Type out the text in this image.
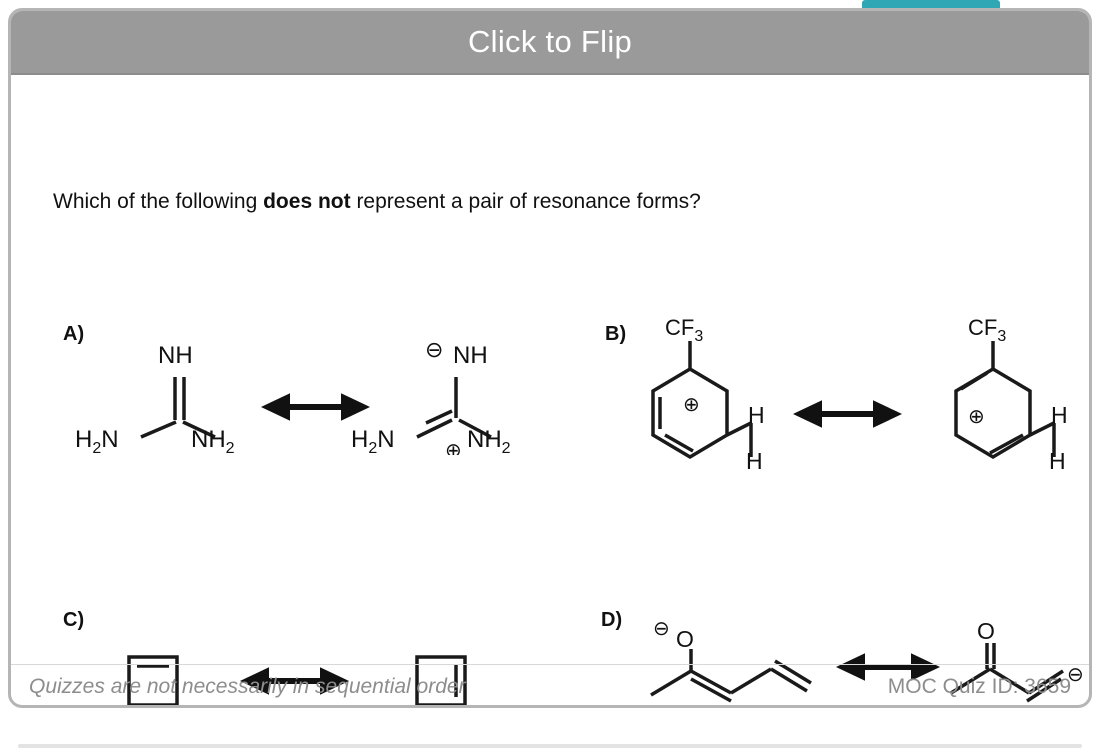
Click to Flip
Which of the following does not represent a pair of resonance forms?
A)	B)
C)	D)
NH
$H_2N$	$NH_2$
NH
⊖
$H_2N$	$NH_2$
⊕
$CF_3$
⊕ H
H
$CF_3$
⊕	H
H
O
⊖	O
⊖
Quizzes are not necessarily in sequential order	MOC Quiz ID: 3659
